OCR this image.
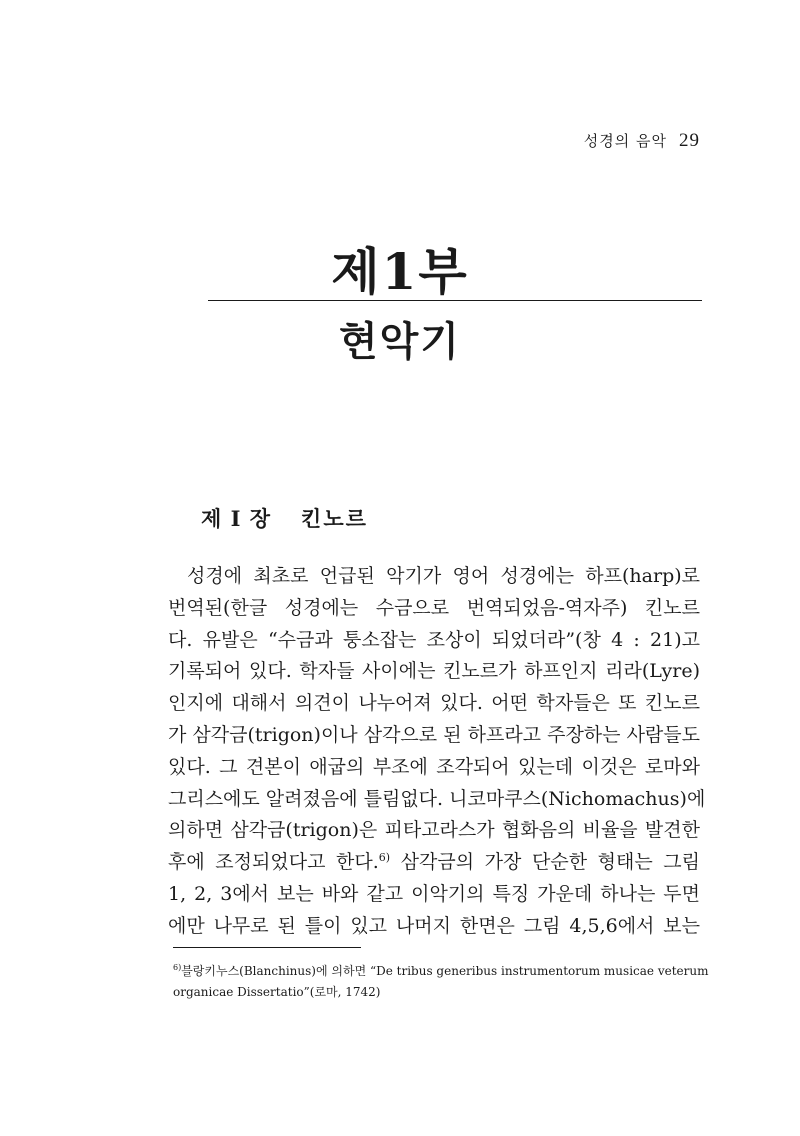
성경의 음악 29
제1부
현악기
제 I 장 킨노르
성경에 최초로 언급된 악기가 영어 성경에는 하프(harp)로
번역된(한글 성경에는 수금으로 번역되었음-역자주) 킨노르
다. 유발은 “수금과 퉁소잡는 조상이 되었더라”(창 4 : 21)고
기록되어 있다. 학자들 사이에는 킨노르가 하프인지 리라(Lyre)
인지에 대해서 의견이 나누어져 있다. 어떤 학자들은 또 킨노르
가 삼각금(trigon)이나 삼각으로 된 하프라고 주장하는 사람들도
있다. 그 견본이 애굽의 부조에 조각되어 있는데 이것은 로마와
그리스에도 알려졌음에 틀림없다. 니코마쿠스(Nichomachus)에
의하면 삼각금(trigon)은 피타고라스가 협화음의 비율을 발견한
후에 조정되었다고 한다.$^{6)}$ 삼각금의 가장 단순한 형태는 그림
1, 2, 3에서 보는 바와 같고 이악기의 특징 가운데 하나는 두면
에만 나무로 된 틀이 있고 나머지 한면은 그림 4,5,6에서 보는
$^{6)}$블랑키누스(Blanchinus)에 의하면 “De tribus generibus instrumentorum musicae veterum
organicae Dissertatio”(로마, 1742)
